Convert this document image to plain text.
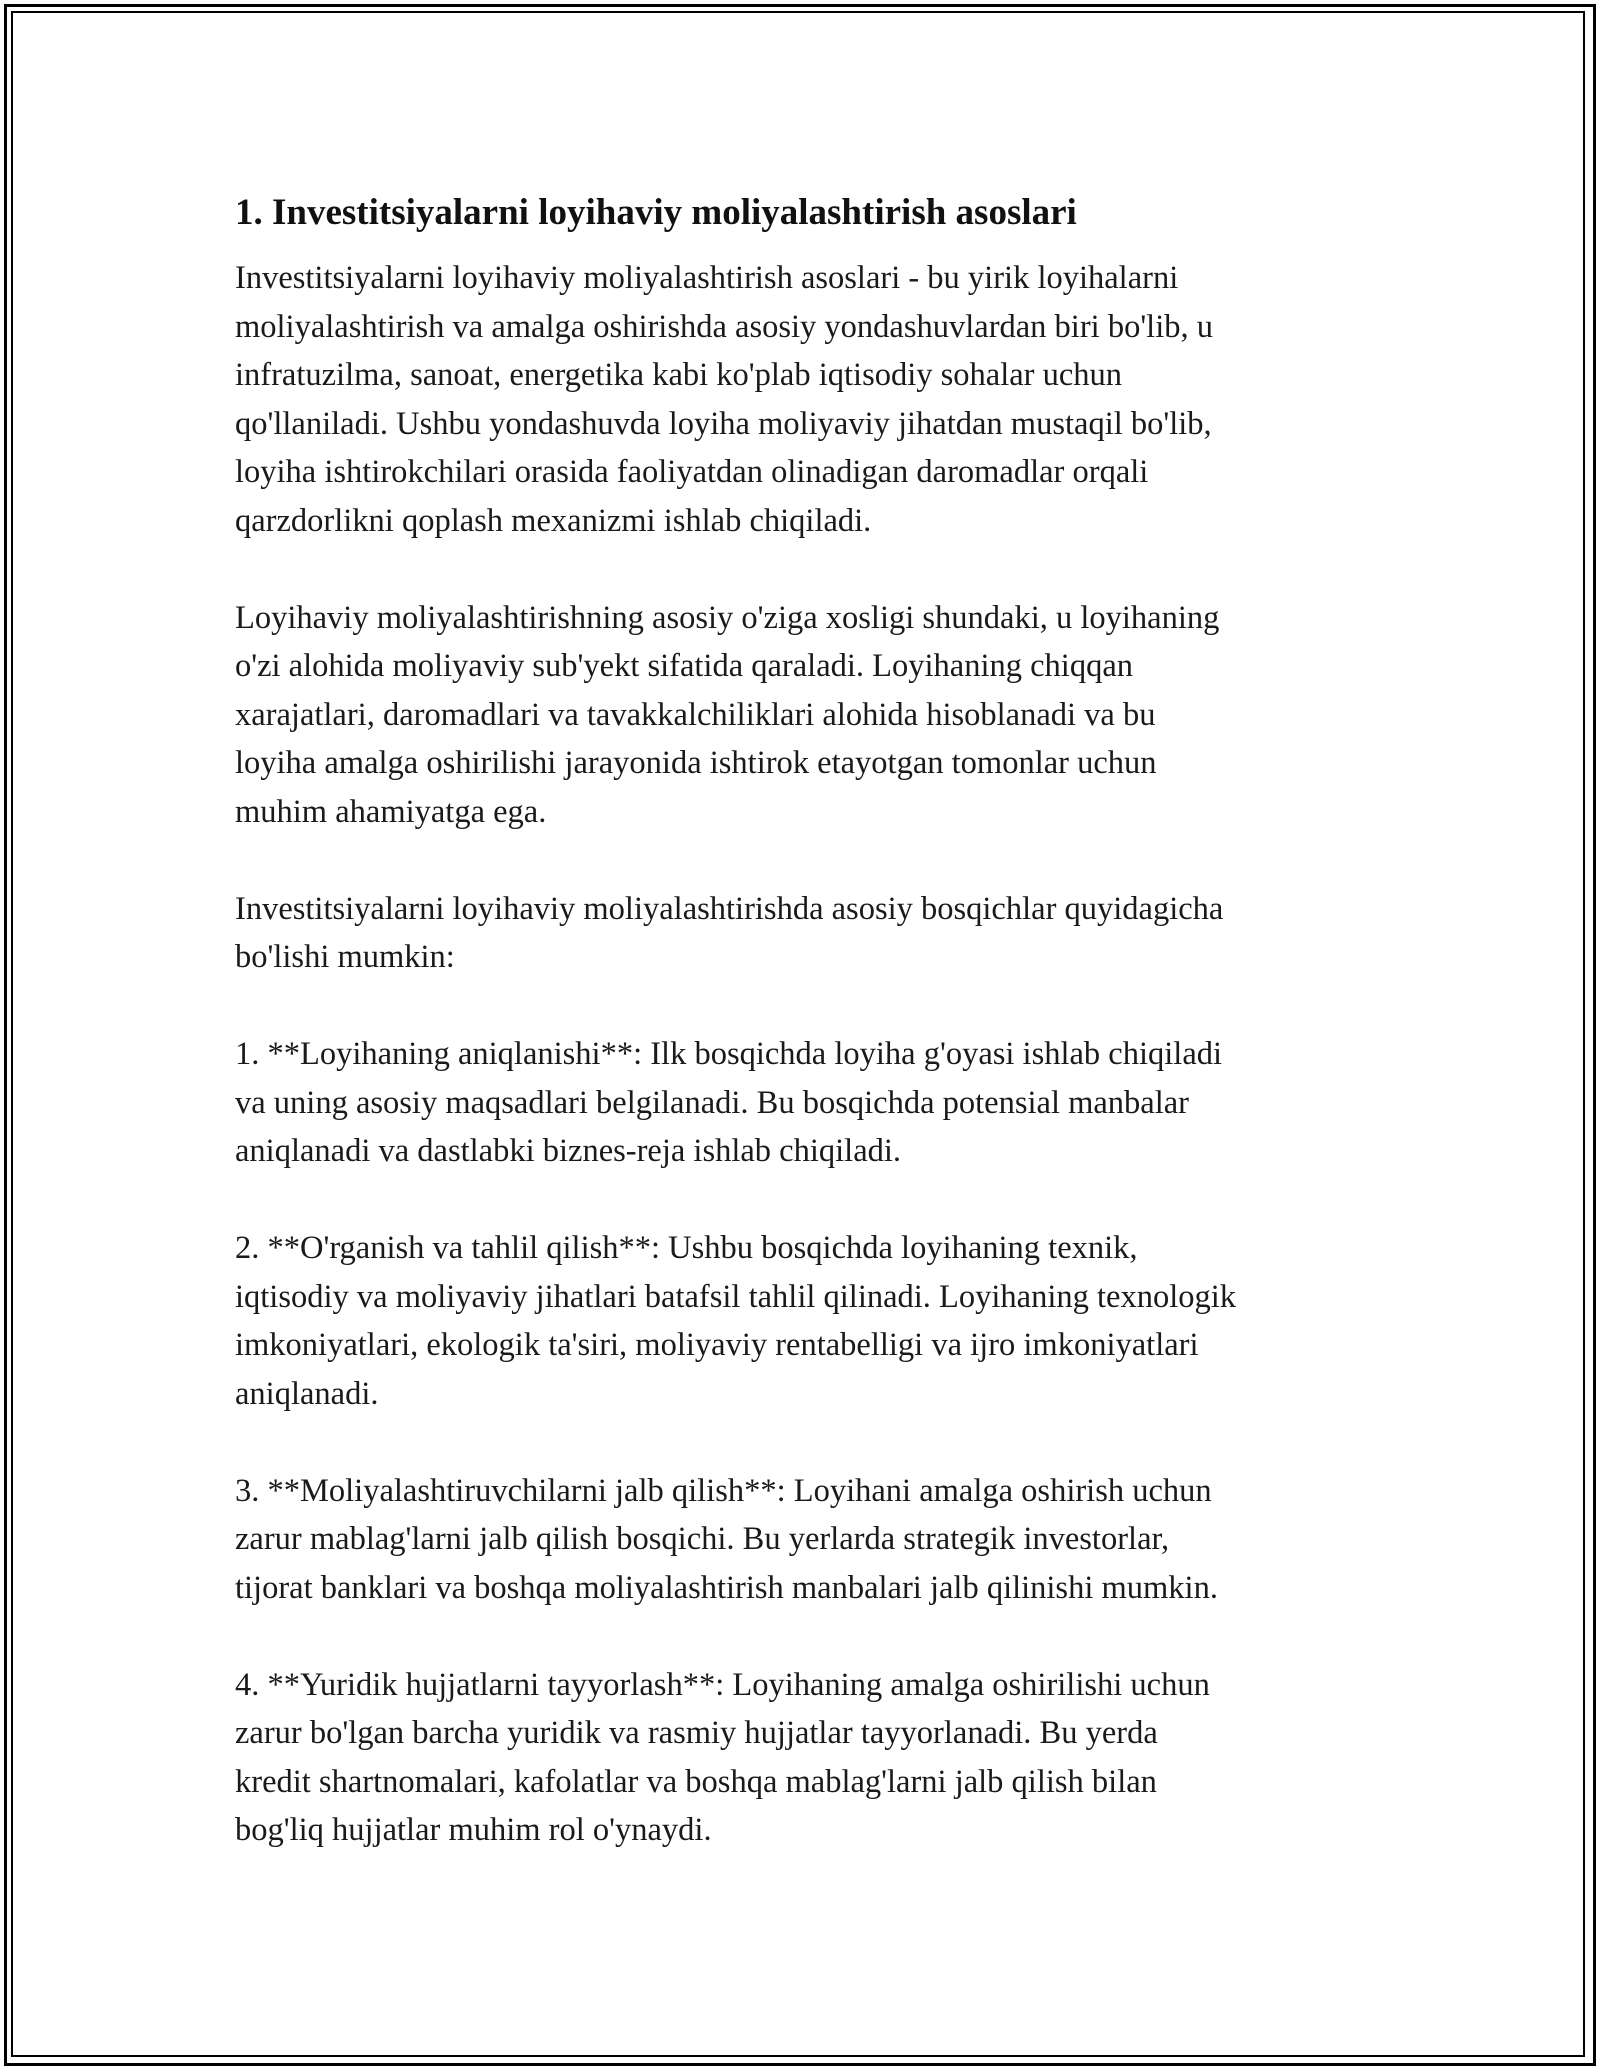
1. Investitsiyalarni loyihaviy moliyalashtirish asoslari

Investitsiyalarni loyihaviy moliyalashtirish asoslari - bu yirik loyihalarni
moliyalashtirish va amalga oshirishda asosiy yondashuvlardan biri bo'lib, u
infratuzilma, sanoat, energetika kabi ko'plab iqtisodiy sohalar uchun
qo'llaniladi. Ushbu yondashuvda loyiha moliyaviy jihatdan mustaqil bo'lib,
loyiha ishtirokchilari orasida faoliyatdan olinadigan daromadlar orqali
qarzdorlikni qoplash mexanizmi ishlab chiqiladi.

Loyihaviy moliyalashtirishning asosiy o'ziga xosligi shundaki, u loyihaning
o'zi alohida moliyaviy sub'yekt sifatida qaraladi. Loyihaning chiqqan
xarajatlari, daromadlari va tavakkalchiliklari alohida hisoblanadi va bu
loyiha amalga oshirilishi jarayonida ishtirok etayotgan tomonlar uchun
muhim ahamiyatga ega.

Investitsiyalarni loyihaviy moliyalashtirishda asosiy bosqichlar quyidagicha
bo'lishi mumkin:

1. **Loyihaning aniqlanishi**: Ilk bosqichda loyiha g'oyasi ishlab chiqiladi
va uning asosiy maqsadlari belgilanadi. Bu bosqichda potensial manbalar
aniqlanadi va dastlabki biznes-reja ishlab chiqiladi.

2. **O'rganish va tahlil qilish**: Ushbu bosqichda loyihaning texnik,
iqtisodiy va moliyaviy jihatlari batafsil tahlil qilinadi. Loyihaning texnologik
imkoniyatlari, ekologik ta'siri, moliyaviy rentabelligi va ijro imkoniyatlari
aniqlanadi.

3. **Moliyalashtiruvchilarni jalb qilish**: Loyihani amalga oshirish uchun
zarur mablag'larni jalb qilish bosqichi. Bu yerlarda strategik investorlar,
tijorat banklari va boshqa moliyalashtirish manbalari jalb qilinishi mumkin.

4. **Yuridik hujjatlarni tayyorlash**: Loyihaning amalga oshirilishi uchun
zarur bo'lgan barcha yuridik va rasmiy hujjatlar tayyorlanadi. Bu yerda
kredit shartnomalari, kafolatlar va boshqa mablag'larni jalb qilish bilan
bog'liq hujjatlar muhim rol o'ynaydi.
